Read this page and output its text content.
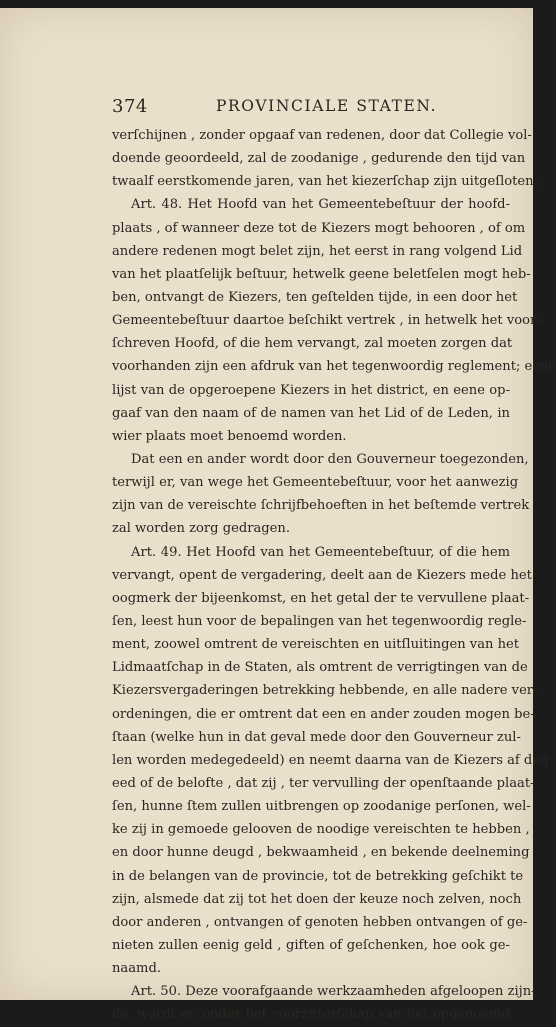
374	PROVINCIALE STATEN.
verſchijnen , zonder opgaaf van redenen, door dat Collegie vol-
doende geoordeeld, zal de zoodanige , gedurende den tijd van
twaalf eerstkomende jaren, van het kiezerſchap zijn uitgeſloten.
Art. 48. Het Hoofd van het Gemeentebeſtuur der hoofd-
plaats , of wanneer deze tot de Kiezers mogt behooren , of om
andere redenen mogt belet zijn, het eerst in rang volgend Lid
van het plaatſelijk beſtuur, hetwelk geene beletſelen mogt heb-
ben, ontvangt de Kiezers, ten geſtelden tijde, in een door het
Gemeentebeſtuur daartoe beſchikt vertrek , in hetwelk het voor-
ſchreven Hoofd, of die hem vervangt, zal moeten zorgen dat
voorhanden zijn een afdruk van het tegenwoordig reglement; eene
lijst van de opgeroepene Kiezers in het district, en eene op-
gaaf van den naam of de namen van het Lid of de Leden, in
wier plaats moet benoemd worden.
Dat een en ander wordt door den Gouverneur toegezonden,
terwijl er, van wege het Gemeentebeſtuur, voor het aanwezig
zijn van de vereischte ſchrijfbehoeften in het beſtemde vertrek
zal worden zorg gedragen.
Art. 49. Het Hoofd van het Gemeentebeſtuur, of die hem
vervangt, opent de vergadering, deelt aan de Kiezers mede het
oogmerk der bijeenkomst, en het getal der te vervullene plaat-
ſen, leest hun voor de bepalingen van het tegenwoordig regle-
ment, zoowel omtrent de vereischten en uitſluitingen van het
Lidmaatſchap in de Staten, als omtrent de verrigtingen van de
Kiezersvergaderingen betrekking hebbende, en alle nadere ver-
ordeningen, die er omtrent dat een en ander zouden mogen be-
ſtaan (welke hun in dat geval mede door den Gouverneur zul-
len worden medegedeeld) en neemt daarna van de Kiezers af den
eed of de belofte , dat zij , ter vervulling der openſtaande plaat-
ſen, hunne ſtem zullen uitbrengen op zoodanige perſonen, wel-
ke zij in gemoede gelooven de noodige vereischten te hebben ,
en door hunne deugd , bekwaamheid , en bekende deelneming
in de belangen van de provincie, tot de betrekking geſchikt te
zijn, alsmede dat zij tot het doen der keuze noch zelven, noch
door anderen , ontvangen of genoten hebben ontvangen of ge-
nieten zullen eenig geld , giften of geſchenken, hoe ook ge-
naamd.
Art. 50. Deze voorafgaande werkzaamheden afgeloopen zijn-
de, wordt er, onder het voorzitterſchap van het opgenoemd
